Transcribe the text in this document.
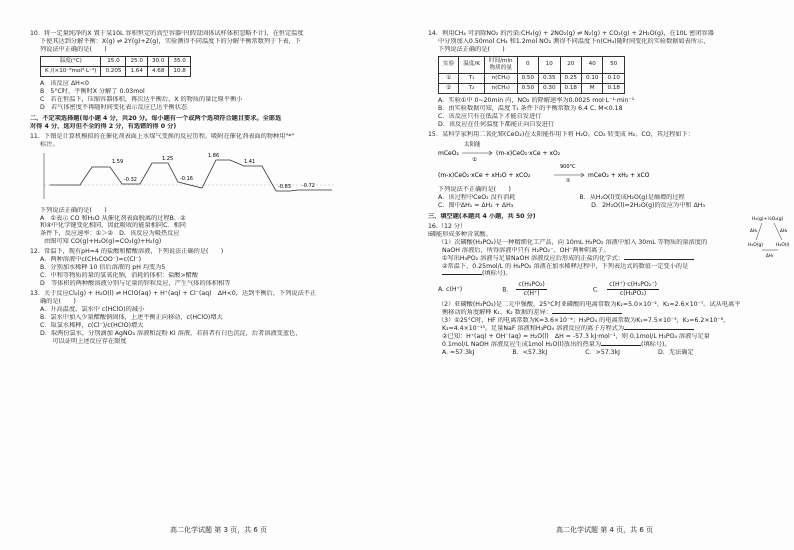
10．将一定量纯净的X 置于某10L 容积恒定的真空容器中(假设固体试样体积忽略不计)，在恒定温度
下使其达到分解平衡：X(g) ⇌ 2Y(g)+Z(g)，实验测得不同温度下的分解平衡常数列于下表，下
列说法中正确的是(　　)
温度(°C)	15.0	25.0	30.0	35.0
K /(×10⁻⁸mol³·L⁻³)	0.205	1.64	4.68	10.8
A　该反应 ΔH<0
B　5°C时，平衡时X 分解了 0.03mol
C　若在恒温下，压缩容器体积，再次达平衡后，X 的物质的量比原平衡小
D　若气体密度不再随时间变化表示反应已达平衡状态
二、不定项选择题(每小题 4 分，共20 分。每小题有一个或两个选项符合题目要求。全部选
对得 4 分，选对但不全的得 2 分，有选错的得 0 分)
11．下图是计算机模拟的在催化剂表面上水煤气变换的反应历程。吸附在催化剂表面的物种用"*"
标注。
1.59	1.25	1.86
1.41
-0.32	-0.16
-0.83 -0.72
下列说法正确的是(　　)
A　①表示 CO 和H₂O 从催化剂表面脱离的过程B．②
和④中化学键变化相同，因此吸收的能量相同C．相同
条件下，反应速率：①＞②　D．该反应为吸热反应
由图可知 CO(g)+H₂O(g)=CO₂(g)+H₂(g)
12．常温下，现有pH=4 的盐酸和醋酸溶液，下列说法正确的是(　　)
A．两种溶液中c(CH₃COO⁻)=c(Cl⁻)
B．分别加水稀释 10 倍后溶液的 pH 均变为5
C．中和等物质的量的氢氧化钠，消耗的体积：盐酸>醋酸
D　等体积的两种酸溶液分别与足量的锌粒反应，产生气体的体积相等
13．关于反应Cl₂(g) + H₂O(l) ⇌ HClO(aq) + H⁺(aq) + Cl⁻(aq)　ΔH<0，达到平衡后，下列说法不正
确的是(　　)
A．升高温度，氯水中 c(HClO)的减小
B．氯水中加入少量醋酸钠固体，上述平衡正向移动，c(HClO)增大
C．取氯水稀释，c(Cl⁻)/c(HClO)增大
D．取两份氯水，分别滴加 AgNO₃ 溶液和淀粉 KI 溶液，若前者有白色沉淀，后者溶液变蓝色，
　　可以证明上述反应存在限度
高二化学试题 第 3 页，共 6 页
14．利用CH₄ 可消除NO₂ 的污染:CH₄(g) + 2NO₂(g) ⇌ N₂(g) + CO₂(g) + 2H₂O(g)，在10L 密闭容器
中分别加入0.50mol CH₄ 和1.2mol NO₂ 测得不同温度下n(CH₄)随时间变化的实验数据如表所示，
下列说法正确的是(　　)
实验	温度/K	时间/min
物质的量	0	10	20	40	50
①	T₁	n(CH₄)	0.50	0.35	0.25	0.10	0.10
②	T₂	n(CH₄)	0.50	0.30	0.18	M	0.18
A．实验①中 0~20min 内，NO₂ 的降解速率为0.0025 mol·L⁻¹·min⁻¹
B．由实验数据可知，温度 T₁ 条件下的平衡常数为 6.4 C. M<0.18
C．该反应只有在低温下才能自发进行
D．该反应在任何温度下都能正向自发进行
15．某科学家利用二氧化铈(CeO₂)在太阳能作用下将 H₂O、CO₂ 转变成 H₂、CO，其过程如下：
太阳能
mCeO₂
①
(m-x)CeO₂·xCe + xO₂
(m-x)CeO₂·xCe + xH₂O + xCO₂
900°C
②
mCeO₂ + xH₂ + xCO
下列说法不正确的是(　　)
A．该过程中CeO₂ 没有消耗	B．从H₂O(l)变成H₂O(g)是熵增的过程
C．图中ΔH₁ = ΔH₂ + ΔH₃	D．2H₂O(l)=2H₂O(g)的反应为中和 ΔH₃
三、填空题(本题共 4 小题，共 50 分)
16.（12 分）
Ⅰ磷能形成多种含氧酸。
（1）次磷酸(H₃PO₂)是一种精细化工产品，向 10mL H₃PO₂ 溶液中加入 30mL 等物质的量浓度的
NaOH 溶液后，所得溶液中只有 H₂PO₂⁻、OH⁻两种阴离子。
①写出H₃PO₂ 溶液与足量NaOH 溶液反应后形成的正盐的化学式：
②常温下，0.25mol/L 的 H₃PO₂ 溶液在加水稀释过程中，下列表达式的数值一定变小的是
(填标号)。
A. c(H⁺)	B. $\frac{\text{c(H₃PO₂)}}{c(H^+)}$	C. $\frac{\text{c(H⁺)·c(H₂PO₂⁻)}}{\text{c(H₃PO₂)}}$
（2）亚磷酸(H₃PO₃)是二元中强酸，25°C时亚磷酸的电离常数为K₁=5.0×10⁻²、K₂=2.6×10⁻⁷。试从电离平
衡移动的角度解释 K₁、K₂ 数据的差异：
（3）①25°C时，HF 的电离常数为K=3.6×10⁻⁴；H₃PO₄ 的电离常数为K₁=7.5×10⁻³，K₂=6.2×10⁻⁸，
K₃=4.4×10⁻¹³。足量NaF 溶液和H₃PO₄ 溶液反应的离子方程式为
②已知：H⁺(aq) + OH⁻(aq) = H₂O(l)　ΔH = -57.3 kJ·mol⁻¹，则 0.1mol/L H₃PO₄ 溶液与足量
0.1mol/L NaOH 溶液反应生成1mol H₂O(l)放出的热量为	(填标号)。
A. =57.3kJ	B．<57.3kJ	C．>57.3kJ	D．无法确定
H₂(g)+½O₂(g)
H₂O(g)	H₂O(l)
ΔH₁	ΔH₂
ΔH₃
高二化学试题 第 4 页，共 6 页
